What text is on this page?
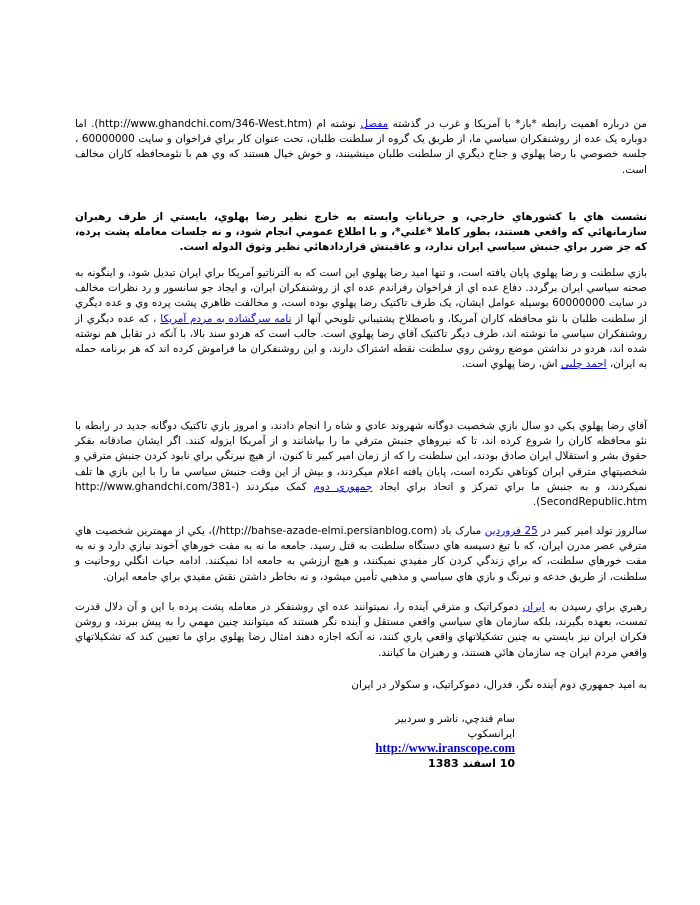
من درباره اهميت رابطه *باز* با آمريكا و غرب در گذشته مفصل نوشته ام (http://www.ghandchi.com/346-West.htm). اما دوباره يک عده از روشنفكران سياسي ما، از طريق يک گروه از سلطنت طلبان، تحت عنوان كار براي فراخوان و سايت 60000000 ، جلسه خصوصي با رضا پهلوي و جناح ديگري از سلطنت طلبان مينشينند، و خوش خيال هستند كه وي هم با نئومحافظه كاران مخالف است.

نشست هاي با كشورهاي خارجي، و جرياناتِ وابسته به خارج نظير رضا پهلوي، بايستي از طرف رهبران سازمانهائي كه واقعي هستند، بطور كاملا *علني*، و با اطلاع عمومي انجام شود، و نه جلسات معامله پشت پرده، كه جز ضرر براي جنبش سياسي ايران ندارد، و عاقبتش قراردادهائي نظير وثوق الدوله است.

بازي سلطنت و رضا پهلوي پايان يافته است، و تنها اميد رضا پهلوي اين است كه به آلترناتيو آمريكا براي ايران تبديل شود، و اينگونه به صحنه سياسي ايران برگردد. دفاع عده اي از فراخوان رفراندم عده اي از روشنفكران ايران، و ايجاد جو سانسور و رد نظرات مخالف در سايت 60000000 بوسيله عوامل ايشان، يک طرف تاكتيک رضا پهلوي بوده است، و مخالفت ظاهري پشت پرده وي و عده ديگري از سلطنت طلبان با نئو محافظه كاران آمريكا، و باصطلاح پشتيباني تلويحي آنها از نامه سرگشاده به مردم آمريكا ، كه عده ديگري از روشنفكران سياسي ما نوشته اند، طرف ديگر تاكتيک آقاي رضا پهلوي است. جالب است كه هردو سند بالا، با آنكه در تقابل هم نوشته شده اند، هردو در نداشتن موضع روشن روي سلطنت نقطه اشتراک دارند، و اين روشنفكران ما فراموش كرده اند كه هر برنامه حمله به ايران، احمد چلبي اش، رضا پهلوي است.

آقاي رضا پهلوي يكي دو سال بازي شخصيت دوگانه شهروند عادي و شاه را انجام دادند، و امروز بازي تاكتيک دوگانه جديد در رابطه با نئو محافظه كاران را شروع كرده اند، تا كه نيروهاي جنبش مترقي ما را بپاشانند و از آمريكا ايزوله كنند. اگر ايشان صادقانه بفكر حقوق بشر و استقلال ايران صادق بودند، اين سلطنت را كه از زمان امير كبير تا كنون، از هيچ نيرنگي براي نابود كردن جنبش مترقي و شخصيتهاي مترقي ايران كوتاهي نكرده است، پايان يافته اعلام ميكردند، و بيش از اين وقت جنبش سياسي ما را با اين بازي ها تلف نميكردند، و به جنبش ما براي تمركز و اتحاد براي ايجاد جمهوري دوم كمک ميكردند (http://www.ghandchi.com/381-SecondRepublic.htm).

سالروز تولد امير كبير در 25 فروردين مبارک باد (http://bahse-azade-elmi.persianblog.com/)، يكي از مهمترين شخصيت هاي مترقي عصر مدرن ايران، كه با تيغ دسيسه هاي دستگاه سلطنت به قتل رسيد. جامعه ما نه به مفت خورهاي آخوند نيازي دارد و نه به مفت خورهاي سلطنت، كه براي زندگي كردن كار مفيدي نميكنند، و هيچ ارزشي به جامعه ادا نميكنند. ادامه حيات انگلي روحانيت و سلطنت، از طريق خدعه و نيرنگ و بازي هاي سياسي و مذهبي تأمين ميشود، و نه بخاطر داشتن نقش مفيدي براي جامعه ايران.

رهبري براي رسيدن به ايران دموكراتيک و مترقي آينده را، نميتوانند عده اي روشنفكر در معامله پشت پرده با اين و آن دلال قدرت تمست، بعهده بگيرند، بلكه سازمان هاي سياسي واقعي مستقل و آينده نگر هستند كه ميتوانند چنين مهمي را به پيش ببرند، و روشن فكران ايران نيز بايستي به چنين تشكيلاتهاي واقعي ياري كنند، نه آنكه اجازه دهند امثال رضا پهلوي براي ما تعيين كند كه تشكيلاتهاي واقعي مردم ايران چه سازمان هائي هستند، و رهبران ما كيانند.

به اميد جمهوري دوم آينده نگر، فدرال، دموكراتيک، و سكولار در ايران

سام قندچي، ناشر و سردبير
ايرانسكوپ
http://www.iranscope.com
10 اسفند 1383
